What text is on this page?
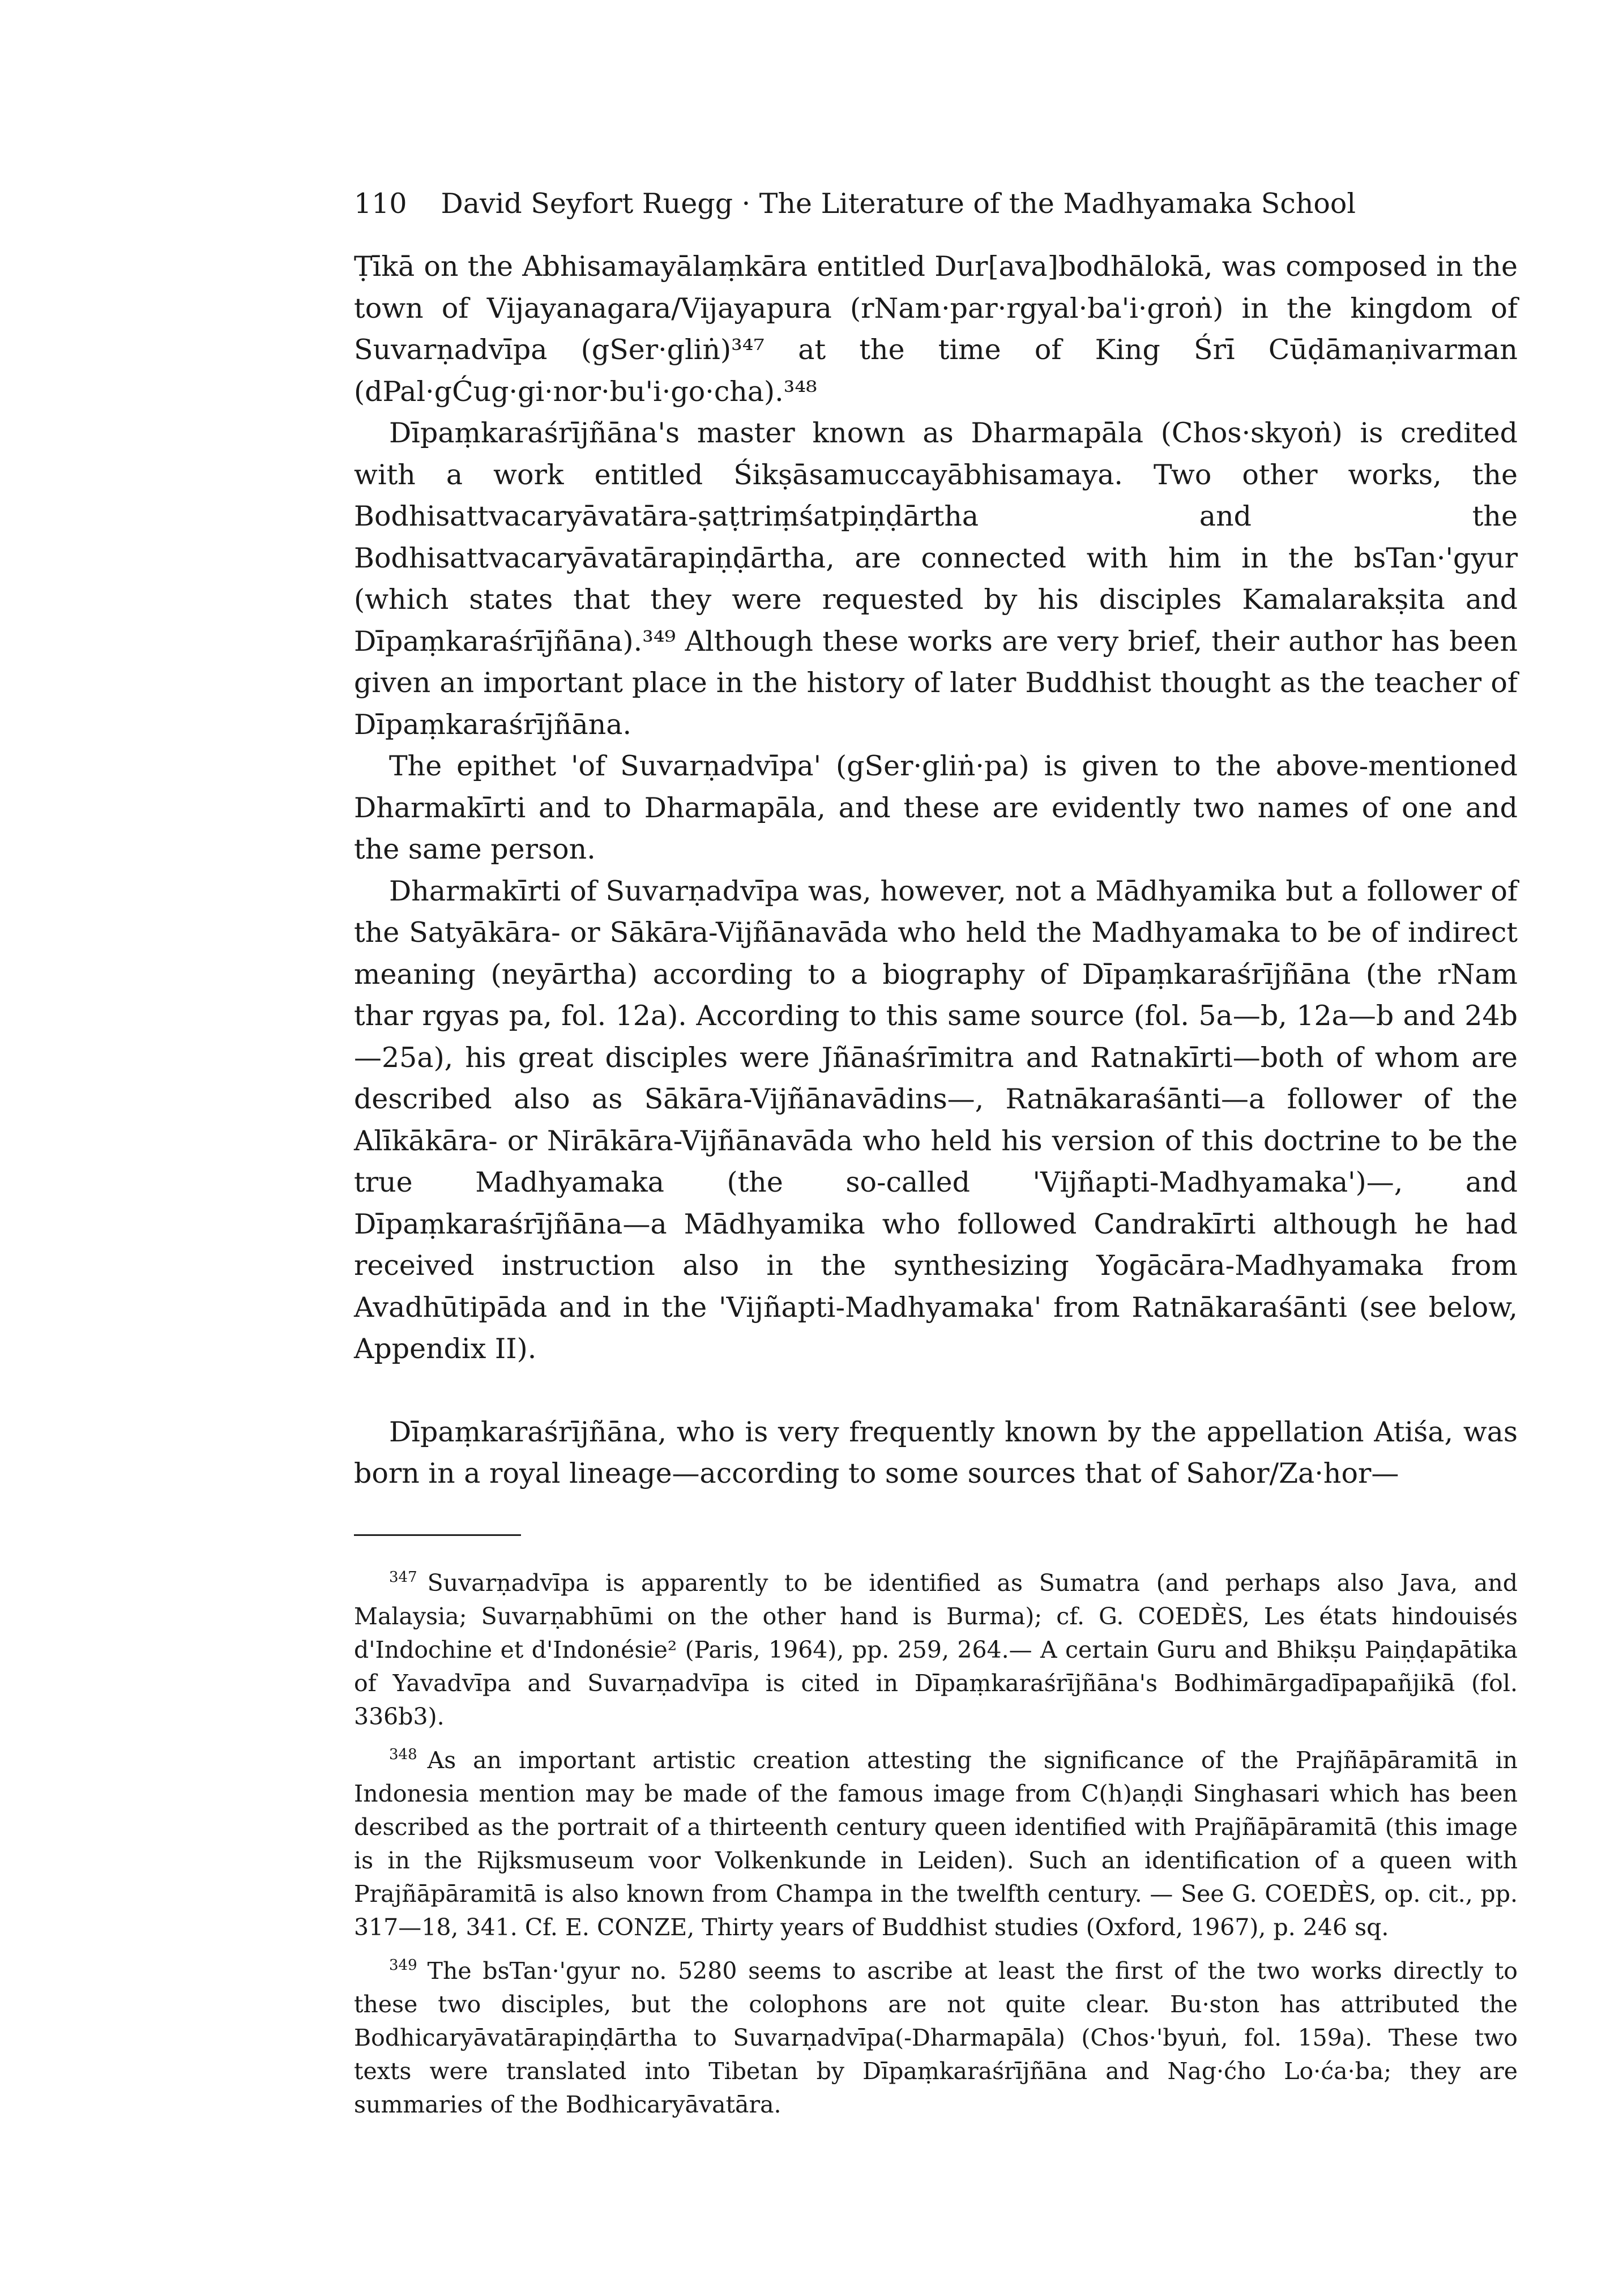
110 David Seyfort Ruegg · The Literature of the Madhyamaka School

Ṭīkā on the Abhisamayālaṃkāra entitled Dur[ava]bodhālokā, was composed in the town of Vijayanagara/Vijayapura (rNam·par·rgyal·ba'i·groṅ) in the kingdom of Suvarṇadvīpa (gSer·gliṅ)³⁴⁷ at the time of King Śrī Cūḍāmaṇivarman (dPal·gĆug·gi·nor·bu'i·go·cha).³⁴⁸

Dīpaṃkaraśrījñāna's master known as Dharmapāla (Chos·skyoṅ) is credited with a work entitled Śikṣāsamuccayābhisamaya. Two other works, the Bodhisattvacaryāvatāra-ṣaṭtriṃśatpiṇḍārtha and the Bodhisattvacaryāvatārapiṇḍārtha, are connected with him in the bsTan·'gyur (which states that they were requested by his disciples Kamalarakṣita and Dīpaṃkaraśrījñāna).³⁴⁹ Although these works are very brief, their author has been given an important place in the history of later Buddhist thought as the teacher of Dīpaṃkaraśrījñāna.

The epithet 'of Suvarṇadvīpa' (gSer·gliṅ·pa) is given to the above-mentioned Dharmakīrti and to Dharmapāla, and these are evidently two names of one and the same person.

Dharmakīrti of Suvarṇadvīpa was, however, not a Mādhyamika but a follower of the Satyākāra- or Sākāra-Vijñānavāda who held the Madhyamaka to be of indirect meaning (neyārtha) according to a biography of Dīpaṃkaraśrījñāna (the rNam thar rgyas pa, fol. 12a). According to this same source (fol. 5a—b, 12a—b and 24b—25a), his great disciples were Jñānaśrīmitra and Ratnakīrti—both of whom are described also as Sākāra-Vijñānavādins—, Ratnākaraśānti—a follower of the Alīkākāra- or Nirākāra-Vijñānavāda who held his version of this doctrine to be the true Madhyamaka (the so-called 'Vijñapti-Madhyamaka')—, and Dīpaṃkaraśrījñāna—a Mādhyamika who followed Candrakīrti although he had received instruction also in the synthesizing Yogācāra-Madhyamaka from Avadhūtipāda and in the 'Vijñapti-Madhyamaka' from Ratnākaraśānti (see below, Appendix II).

Dīpaṃkaraśrījñāna, who is very frequently known by the appellation Atiśa, was born in a royal lineage—according to some sources that of Sahor/Za·hor—

$^{347}$ Suvarṇadvīpa is apparently to be identified as Sumatra (and perhaps also Java, and Malaysia; Suvarṇabhūmi on the other hand is Burma); cf. G. COEDÈS, Les états hindouisés d'Indochine et d'Indonésie² (Paris, 1964), pp. 259, 264.— A certain Guru and Bhikṣu Paiṇḍapātika of Yavadvīpa and Suvarṇadvīpa is cited in Dīpaṃkaraśrījñāna's Bodhimārgadīpapañjikā (fol. 336b3).

$^{348}$ As an important artistic creation attesting the significance of the Prajñāpāramitā in Indonesia mention may be made of the famous image from C(h)aṇḍi Singhasari which has been described as the portrait of a thirteenth century queen identified with Prajñāpāramitā (this image is in the Rijksmuseum voor Volkenkunde in Leiden). Such an identification of a queen with Prajñāpāramitā is also known from Champa in the twelfth century. — See G. COEDÈS, op. cit., pp. 317—18, 341. Cf. E. CONZE, Thirty years of Buddhist studies (Oxford, 1967), p. 246 sq.

$^{349}$ The bsTan·'gyur no. 5280 seems to ascribe at least the first of the two works directly to these two disciples, but the colophons are not quite clear. Bu·ston has attributed the Bodhicaryāvatārapiṇḍārtha to Suvarṇadvīpa(-Dharmapāla) (Chos·'byuṅ, fol. 159a). These two texts were translated into Tibetan by Dīpaṃkaraśrījñāna and Nag·ćho Lo·ća·ba; they are summaries of the Bodhicaryāvatāra.
